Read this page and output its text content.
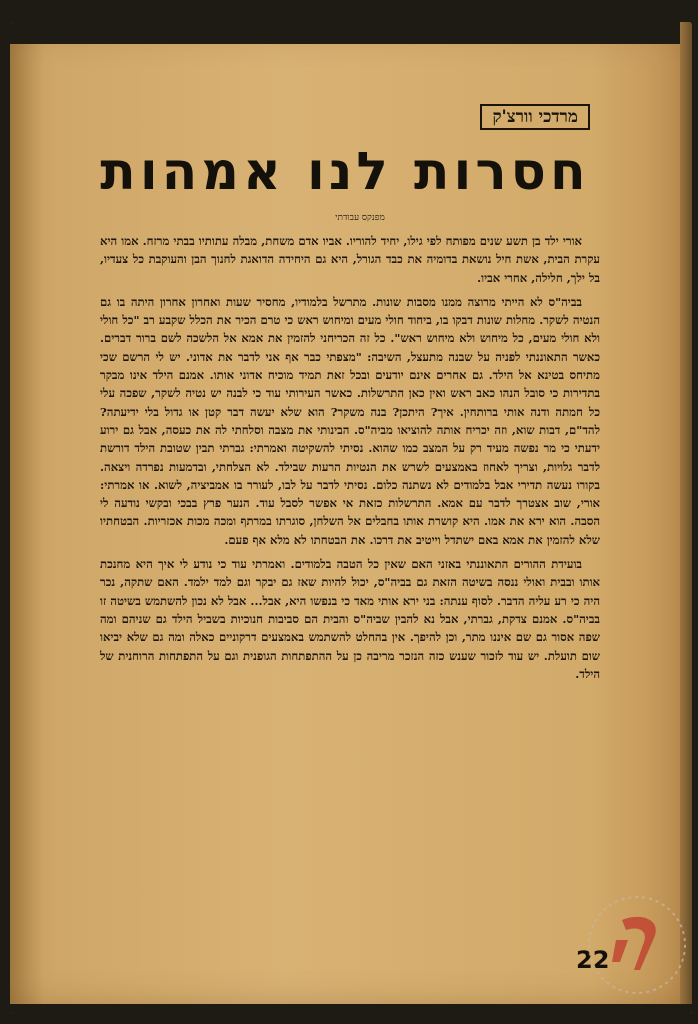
מרדכי וורצ'ק
חסרות לנו אמהות
מפנקס עבודתי

אורי ילד בן תשע שנים מפותח לפי גילו, יחיד להוריו. אביו אדם משחת, מבלה עתותיו בבתי מרזח. אמו היא עקרת הבית, אשת חיל נושאת בדומיה את כבד הגורל, היא גם היחידה הדואגת לחנוך הבן והעוקבת כל צעדיו, בל ילך, חלילה, אחרי אביו.

בביה"ס לא הייתי מרוצה ממנו מסבות שונות. מתרשל בלמודיו, מחסיר שעות ואחרון אחרון היתה בו גם הנטיה לשקר. מחלות שונות דבקו בו, ביחוד חולי מעים ומיחוש ראש כי טרם הכיר את הכלל שקבע רב "כל חולי ולא חולי מעים, כל מיחוש ולא מיחוש ראש". כל זה הכריחני להזמין את אמא אל הלשכה לשם ברור דברים. כאשר התאוננתי לפניה על שבנה מתעצל, השיבה: "מצפתי כבר אף אני לדבר את אדוני. יש לי הרשם שכי מתיחס בטינא אל הילד. גם אחרים אינם יודעים ובכל זאת תמיד מוכיח אדוני אותו. אמנם הילד אינו מבקר בתדירות כי סובל הנהו כאב ראש ואין כאן התרשלות. כאשר העירותי עוד כי לבנה יש נטיה לשקר, שפכה עלי כל חמתה ודנה אותי ברותחין. איך? היתכן? בנה משקר? הוא שלא יעשה דבר קטן או גדול בלי ידיעתה? להד"ם, דבות שוא, וזה יכריח אותה להוציאו מביה"ס. הבינותי את מצבה וסלחתי לה את כעסה, אבל גם ירוע ידעתי כי מר נפשה מעיד רק על המצב כמו שהוא. נסיתי להשקיטה ואמרתי: גברתי תבין שטובת הילד דורשת לדבר גלויות, וצריך לאחוז באמצעים לשרש את הנטיות הרעות שבילד. לא הצלחתי, ובדמעות נפרדה ויצאה. בקורו נעשה תדירי אבל בלמודים לא נשתנה כלום. נסיתי לדבר על לבו, לעורר בו אמביציה, לשוא. או אמרתי: אורי, שוב אצטרך לדבר עם אמא. התרשלות כזאת אי אפשר לסבל עוד. הנער פרץ בבכי ובקשי נודעה לי הסבה. הוא ירא את אמו. היא קושרת אותו בחבלים אל השלחן, סוגרתו במרתף ומכה מכות אכזריות. הבטחתיו שלא להזמין את אמא באם ישתדל וייטיב את דרכו. את הבטחתו לא מלא אף פעם.

בועידת ההורים התאוננתי באזני האם שאין כל הטבה בלמודים. ואמרתי עוד כי נודע לי איך היא מחנכת אותו ובבית ואולי ננסה בשיטה הזאת גם בביה"ס, יכול להיות שאז גם יבקר וגם למד ילמד. האם שתקה, נכר היה כי רע עליה הדבר. לסוף ענתה: בני ירא אותי מאד כי בנפשו היא, אבל... אבל לא נכון להשתמש בשיטה זו בביה"ס. אמנם צדקת, גברתי, אבל נא להבין שביה"ס והבית הם סביבות חנוכיות בשביל הילד גם שניהם ומה שפה אסור גם שם איננו מתר, וכן להיפך. אין בהחלט להשתמש באמצעים דרקוניים כאלה ומה גם שלא יביאו שום תועלת. יש עוד לזכור שענש כזה הנזכר מריבה כן על ההתפתחות הגופנית וגם על התפתחות הרוחנית של הילד.

22
